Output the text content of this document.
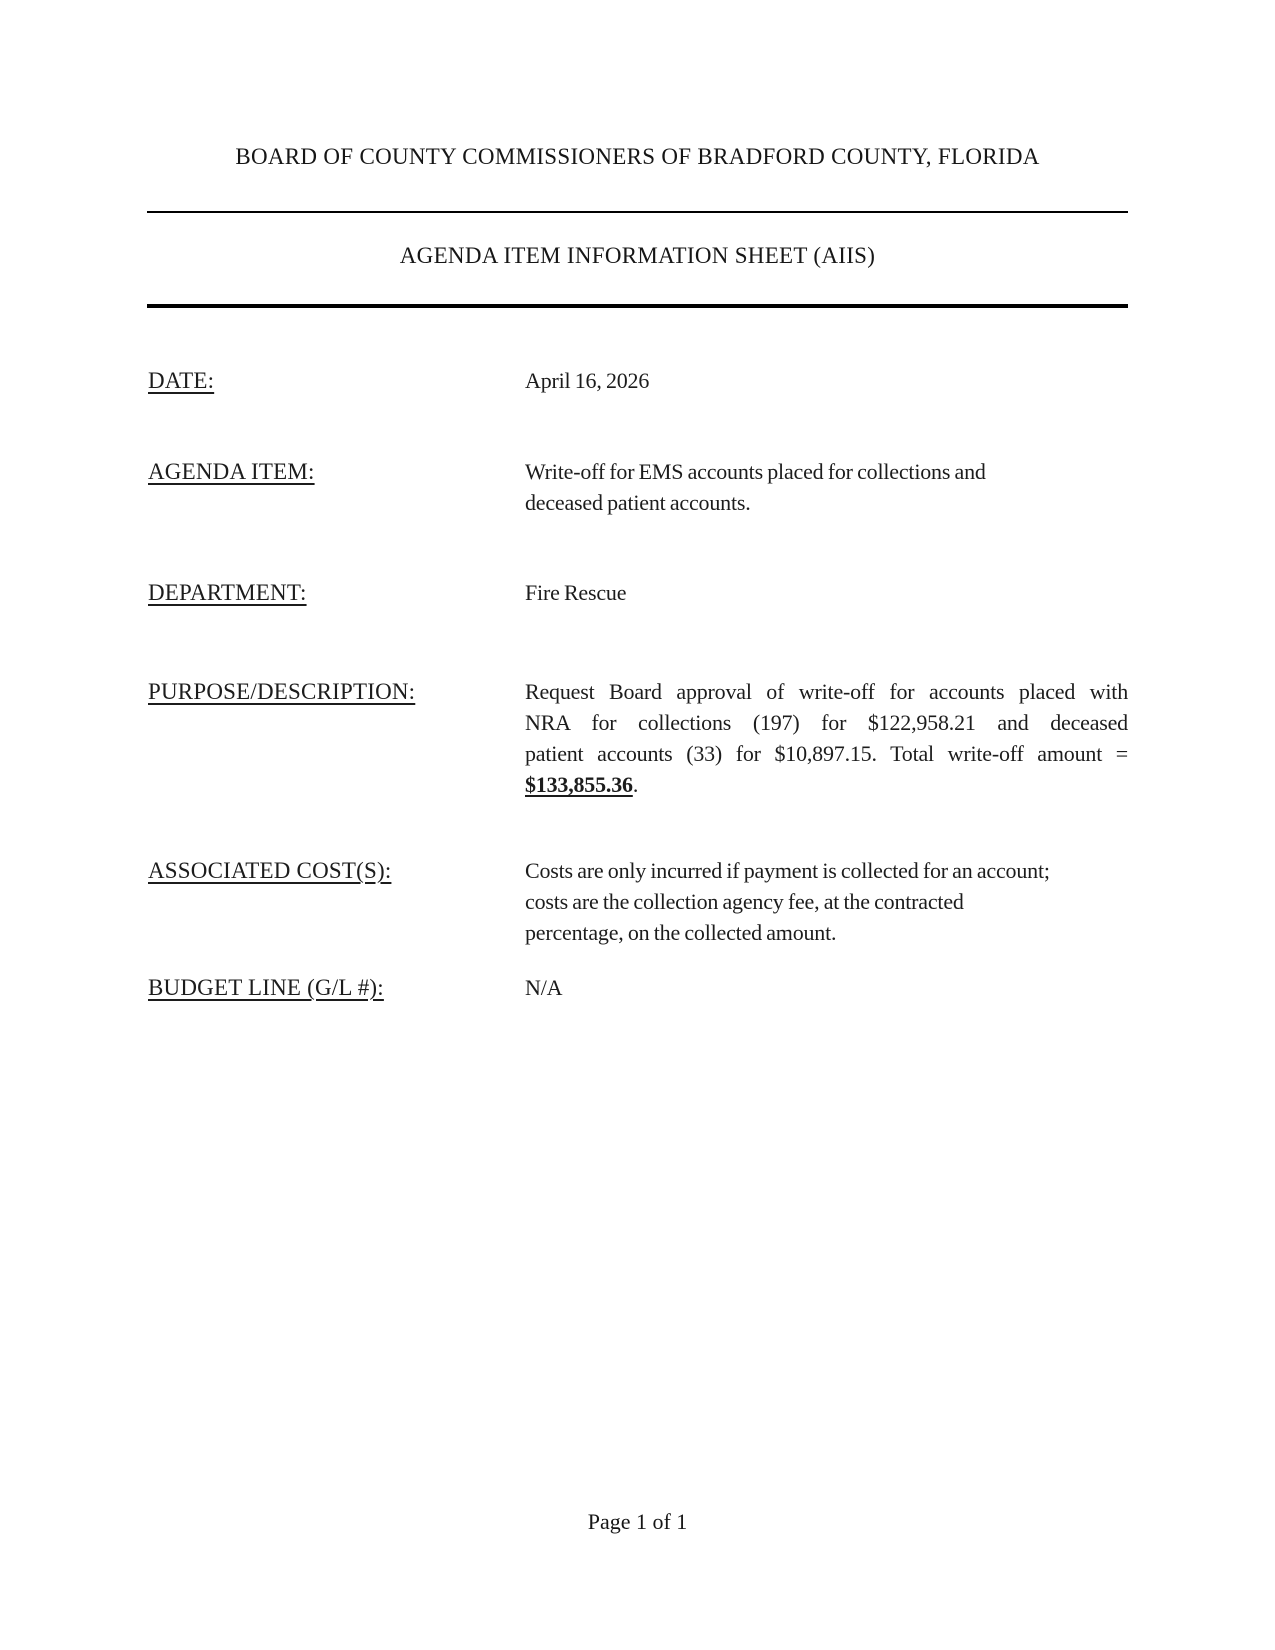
BOARD OF COUNTY COMMISSIONERS OF BRADFORD COUNTY, FLORIDA
AGENDA ITEM INFORMATION SHEET (AIIS)
DATE:	April 16, 2026
AGENDA ITEM:	Write-off for EMS accounts placed for collections and
deceased patient accounts.
DEPARTMENT:	Fire Rescue
PURPOSE/DESCRIPTION:	Request Board approval of write-off for accounts placed with
NRA for collections (197) for $122,958.21 and deceased
patient accounts (33) for $10,897.15. Total write-off amount =
$133,855.36.
ASSOCIATED COST(S):	Costs are only incurred if payment is collected for an account;
costs are the collection agency fee, at the contracted
percentage, on the collected amount.
BUDGET LINE (G/L #):	N/A
Page 1 of 1
